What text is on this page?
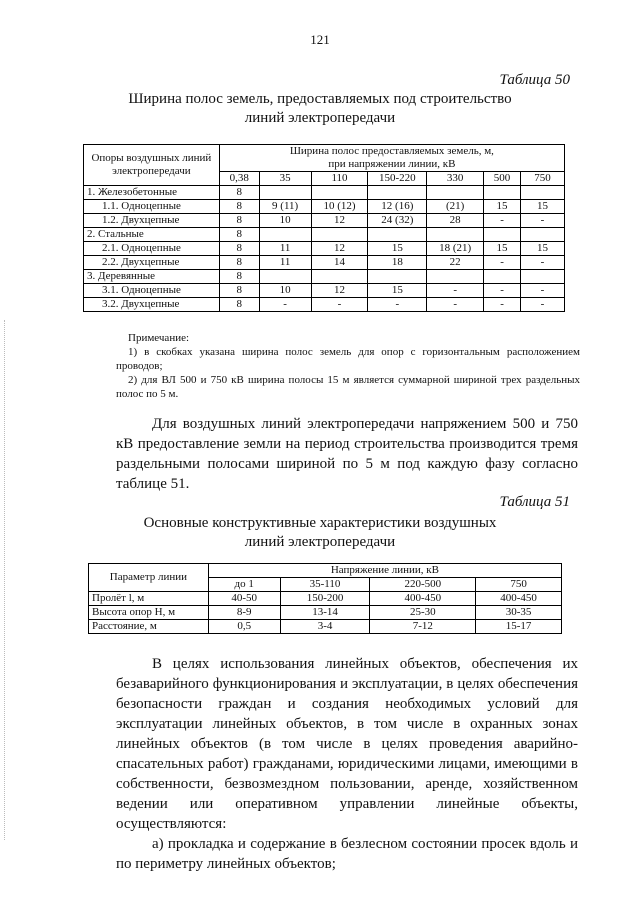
121
Таблица 50
Ширина полос земель, предоставляемых под строительство
линий электропередачи
Опоры воздушных линий электропередачи	Ширина полос предоставляемых земель, м,
при напряжении линии, кВ						

	0,38	35	110	150-220	330	500	750
1. Железобетонные	8						
1.1. Одноцепные	8	9 (11)	10 (12)	12 (16)	(21)	15	15
1.2. Двухцепные	8	10	12	24 (32)	28	-	-
2. Стальные	8						
2.1. Одноцепные	8	11	12	15	18 (21)	15	15
2.2. Двухцепные	8	11	14	18	22	-	-
3. Деревянные	8						
3.1. Одноцепные	8	10	12	15	-	-	-
3.2. Двухцепные	8	-	-	-	-	-	-

Примечание:

1) в скобках указана ширина полос земель для опор с горизонтальным расположением проводов;

2) для ВЛ 500 и 750 кВ ширина полосы 15 м является суммарной шириной трех раздельных полос по 5 м.

Для воздушных линий электропередачи напряжением 500 и 750 кВ предоставление земли на период строительства производится тремя раздельными полосами шириной по 5 м под каждую фазу согласно таблице 51.

Таблица 51
Основные конструктивные характеристики воздушных
линий электропередачи
Параметр линии	Напряжение линии, кВ			
	до 1	35-110	220-500	750
Пролёт l, м	40-50	150-200	400-450	400-450
Высота опор H, м	8-9	13-14	25-30	30-35
Расстояние, м	0,5	3-4	7-12	15-17

В целях использования линейных объектов, обеспечения их безаварийного функционирования и эксплуатации, в целях обеспечения безопасности граждан и создания необходимых условий для эксплуатации линейных объектов, в том числе в охранных зонах линейных объектов (в том числе в целях проведения аварийно-спасательных работ) гражданами, юридическими лицами, имеющими в собственности, безвозмездном пользовании, аренде, хозяйственном ведении или оперативном управлении линейные объекты, осуществляются:

а) прокладка и содержание в безлесном состоянии просек вдоль и по периметру линейных объектов;
